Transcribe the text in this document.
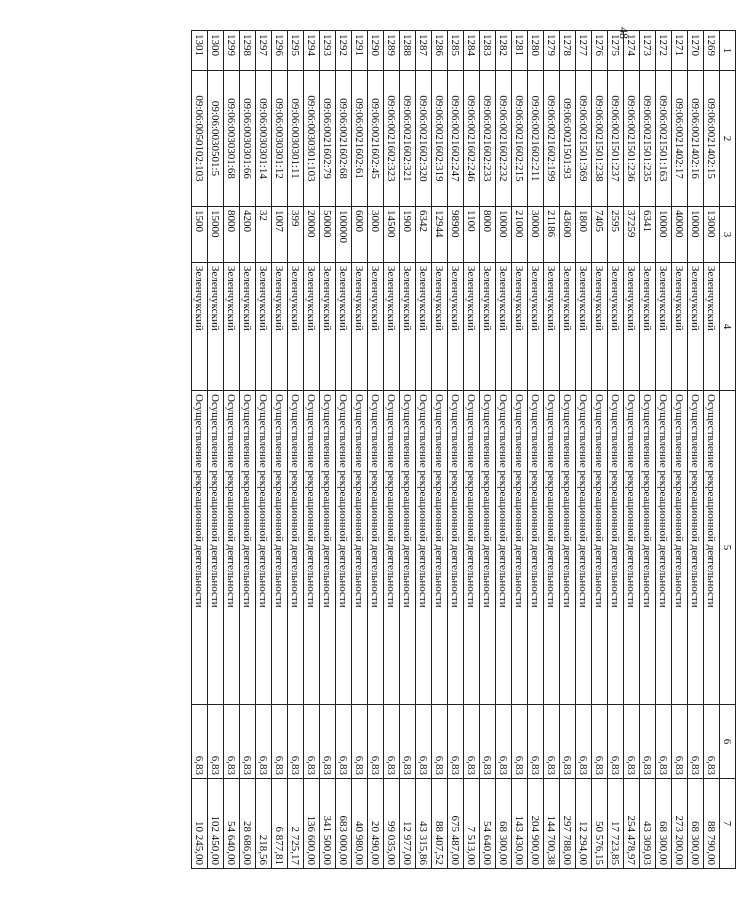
48
1	2	3	4	5	6	7
1269	09:06:0021402:15	13000	Зеленчукский	Осуществление рекреационной деятельности	6,83	88 790,00
1270	09:06:0021402:16	10000	Зеленчукский	Осуществление рекреационной деятельности	6,83	68 300,00
1271	09:06:0021402:17	40000	Зеленчукский	Осуществление рекреационной деятельности	6,83	273 200,00
1272	09:06:0021501:163	10000	Зеленчукский	Осуществление рекреационной деятельности	6,83	68 300,00
1273	09:06:0021501:235	6341	Зеленчукский	Осуществление рекреационной деятельности	6,83	43 309,03
1274	09:06:0021501:236	37259	Зеленчукский	Осуществление рекреационной деятельности	6,83	254 478,97
1275	09:06:0021501:237	2595	Зеленчукский	Осуществление рекреационной деятельности	6,83	17 723,85
1276	09:06:0021501:238	7405	Зеленчукский	Осуществление рекреационной деятельности	6,83	50 576,15
1277	09:06:0021501:369	1800	Зеленчукский	Осуществление рекреационной деятельности	6,83	12 294,00
1278	09:06:0021501:93	43600	Зеленчукский	Осуществление рекреационной деятельности	6,83	297 788,00
1279	09:06:0021602:199	21186	Зеленчукский	Осуществление рекреационной деятельности	6,83	144 700,38
1280	09:06:0021602:211	30000	Зеленчукский	Осуществление рекреационной деятельности	6,83	204 900,00
1281	09:06:0021602:215	21000	Зеленчукский	Осуществление рекреационной деятельности	6,83	143 430,00
1282	09:06:0021602:232	10000	Зеленчукский	Осуществление рекреационной деятельности	6,83	68 300,00
1283	09:06:0021602:233	8000	Зеленчукский	Осуществление рекреационной деятельности	6,83	54 640,00
1284	09:06:0021602:246	1100	Зеленчукский	Осуществление рекреационной деятельности	6,83	7 513,00
1285	09:06:0021602:247	98900	Зеленчукский	Осуществление рекреационной деятельности	6,83	675 487,00
1286	09:06:0021602:319	12944	Зеленчукский	Осуществление рекреационной деятельности	6,83	88 407,52
1287	09:06:0021602:320	6342	Зеленчукский	Осуществление рекреационной деятельности	6,83	43 315,86
1288	09:06:0021602:321	1900	Зеленчукский	Осуществление рекреационной деятельности	6,83	12 977,00
1289	09:06:0021602:323	14500	Зеленчукский	Осуществление рекреационной деятельности	6,83	99 035,00
1290	09:06:0021602:45	3000	Зеленчукский	Осуществление рекреационной деятельности	6,83	20 490,00
1291	09:06:0021602:61	6000	Зеленчукский	Осуществление рекреационной деятельности	6,83	40 980,00
1292	09:06:0021602:68	100000	Зеленчукский	Осуществление рекреационной деятельности	6,83	683 000,00
1293	09:06:0021602:79	50000	Зеленчукский	Осуществление рекреационной деятельности	6,83	341 500,00
1294	09:06:0030301:103	20000	Зеленчукский	Осуществление рекреационной деятельности	6,83	136 600,00
1295	09:06:0030301:11	399	Зеленчукский	Осуществление рекреационной деятельности	6,83	2 725,17
1296	09:06:0030301:12	1007	Зеленчукский	Осуществление рекреационной деятельности	6,83	6 877,81
1297	09:06:0030301:14	32	Зеленчукский	Осуществление рекреационной деятельности	6,83	218,56
1298	09:06:0030301:66	4200	Зеленчукский	Осуществление рекреационной деятельности	6,83	28 686,00
1299	09:06:0030301:68	8000	Зеленчукский	Осуществление рекреационной деятельности	6,83	54 640,00
1300	09:06:0030501:5	15000	Зеленчукский	Осуществление рекреационной деятельности	6,83	102 450,00
1301	09:06:0050102:103	1500	Зеленчукский	Осуществление рекреационной деятельности	6,83	10 245,00
